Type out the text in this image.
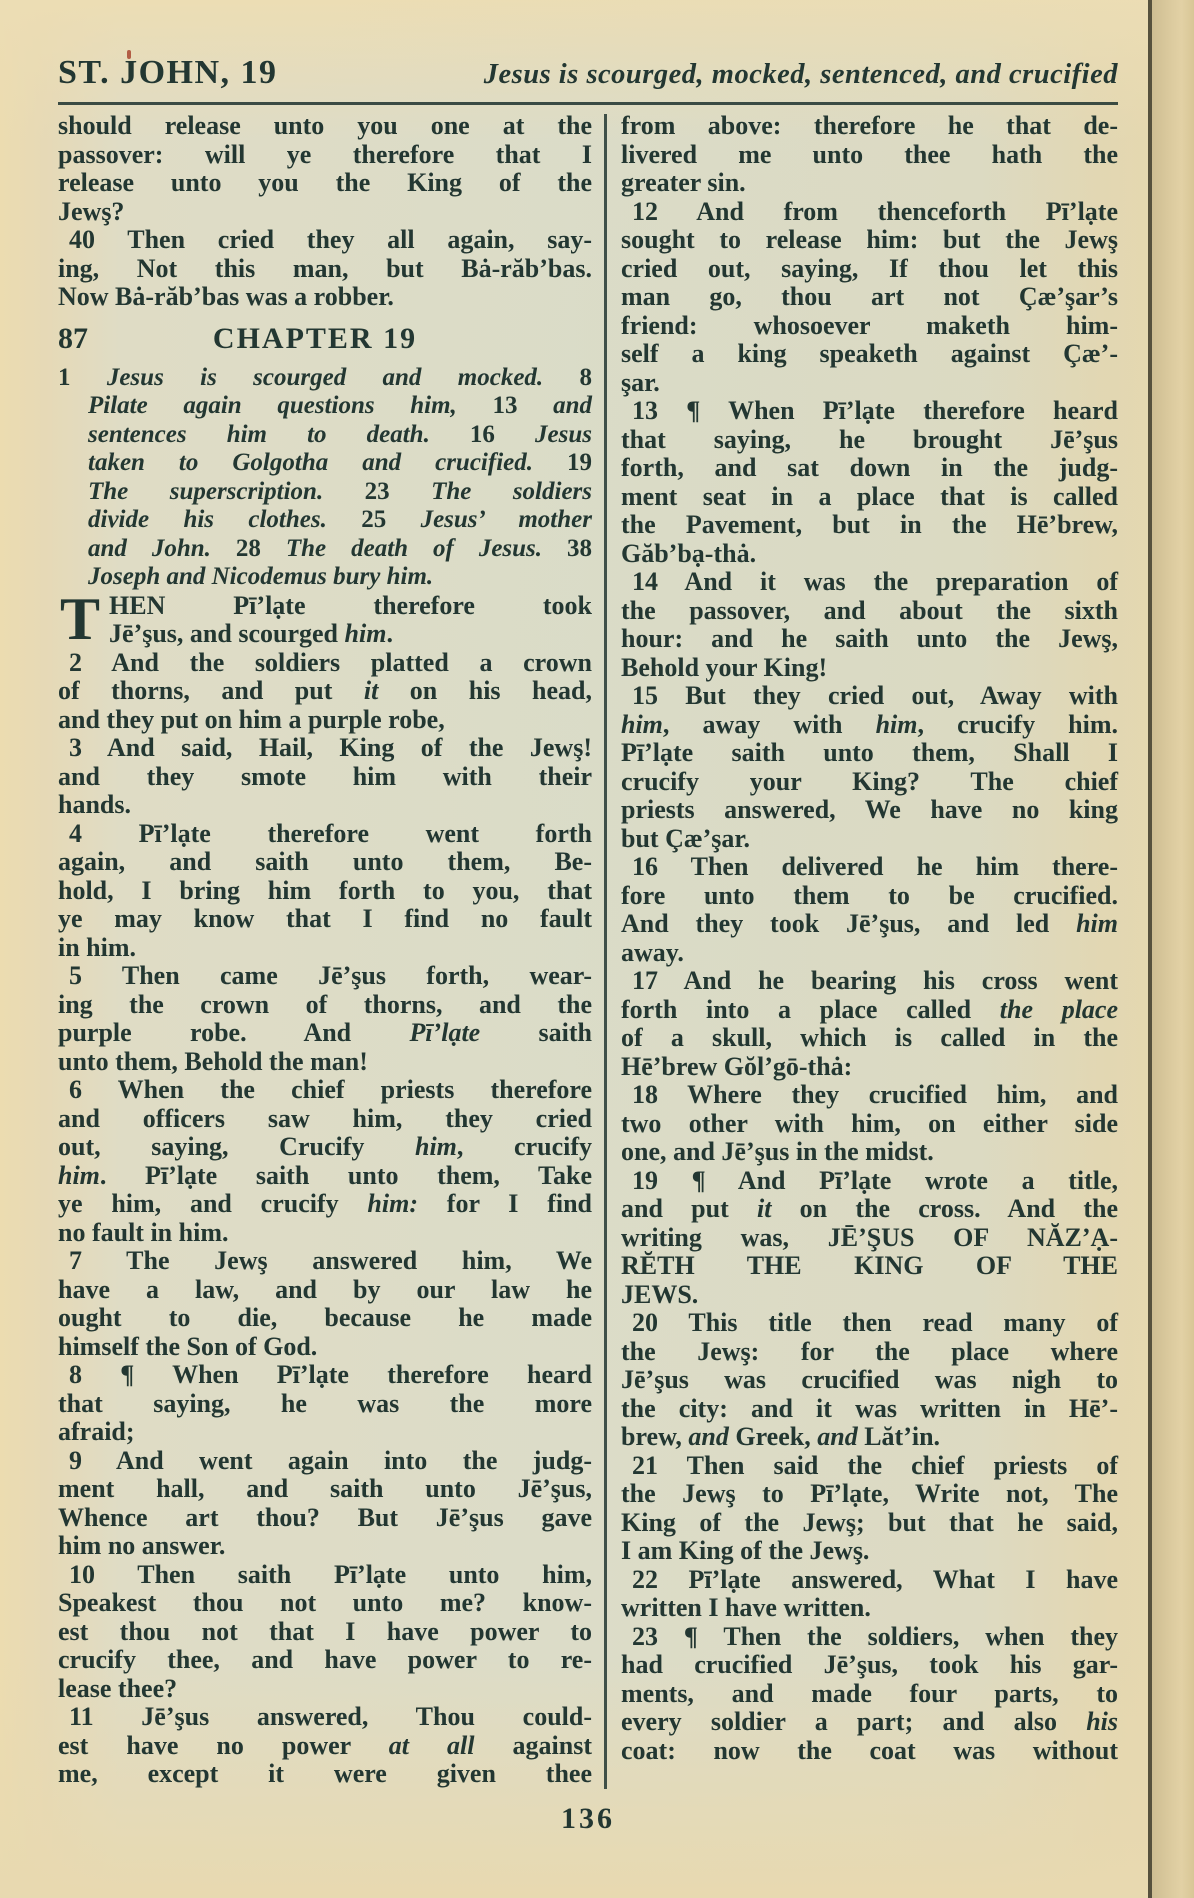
ST. JOHN, 19	Jesus is scourged, mocked, sentenced, and crucified
should release unto you one at the
passover: will ye therefore that I
release unto you the King of the
Jewş?
40 Then cried they all again, say-
ing, Not this man, but Bȧ-răb’bas.
Now Bȧ-răb’bas was a robber.
87	CHAPTER 19
1 Jesus is scourged and mocked. 8
Pilate again questions him, 13 and
sentences him to death. 16 Jesus
taken to Golgotha and crucified. 19
The superscription. 23 The soldiers
divide his clothes. 25 Jesus’ mother
and John. 28 The death of Jesus. 38
Joseph and Nicodemus bury him.
T HEN Pī’lạte therefore took
Jē’şus, and scourged him.
2 And the soldiers platted a crown
of thorns, and put it on his head,
and they put on him a purple robe,
3 And said, Hail, King of the Jewş!
and they smote him with their
hands.
4 Pī’lạte therefore went forth
again, and saith unto them, Be-
hold, I bring him forth to you, that
ye may know that I find no fault
in him.
5 Then came Jē’şus forth, wear-
ing the crown of thorns, and the
purple robe. And Pī’lạte saith
unto them, Behold the man!
6 When the chief priests therefore
and officers saw him, they cried
out, saying, Crucify him, crucify
him. Pī’lạte saith unto them, Take
ye him, and crucify him: for I find
no fault in him.
7 The Jewş answered him, We
have a law, and by our law he
ought to die, because he made
himself the Son of God.
8 ¶ When Pī’lạte therefore heard
that saying, he was the more
afraid;
9 And went again into the judg-
ment hall, and saith unto Jē’şus,
Whence art thou? But Jē’şus gave
him no answer.
10 Then saith Pī’lạte unto him,
Speakest thou not unto me? know-
est thou not that I have power to
crucify thee, and have power to re-
lease thee?
11 Jē’şus answered, Thou could-
est have no power at all against
me, except it were given thee
from above: therefore he that de-
livered me unto thee hath the
greater sin.
12 And from thenceforth Pī’lạte
sought to release him: but the Jewş
cried out, saying, If thou let this
man go, thou art not Çæ’şar’s
friend: whosoever maketh him-
self a king speaketh against Çæ’-
şar.
13 ¶ When Pī’lạte therefore heard
that saying, he brought Jē’şus
forth, and sat down in the judg-
ment seat in a place that is called
the Pavement, but in the Hē’brew,
Găb’bạ-thȧ.
14 And it was the preparation of
the passover, and about the sixth
hour: and he saith unto the Jewş,
Behold your King!
15 But they cried out, Away with
him, away with him, crucify him.
Pī’lạte saith unto them, Shall I
crucify your King? The chief
priests answered, We have no king
but Çæ’şar.
16 Then delivered he him there-
fore unto them to be crucified.
And they took Jē’şus, and led him
away.
17 And he bearing his cross went
forth into a place called the place
of a skull, which is called in the
Hē’brew Gŏl’gō-thȧ:
18 Where they crucified him, and
two other with him, on either side
one, and Jē’şus in the midst.
19 ¶ And Pī’lạte wrote a title,
and put it on the cross. And the
writing was, JĒ’ŞUS OF NĂZ’Ạ-
RĔTH THE KING OF THE
JEWS.
20 This title then read many of
the Jewş: for the place where
Jē’şus was crucified was nigh to
the city: and it was written in Hē’-
brew, and Greek, and Lăt’in.
21 Then said the chief priests of
the Jewş to Pī’lạte, Write not, The
King of the Jewş; but that he said,
I am King of the Jewş.
22 Pī’lạte answered, What I have
written I have written.
23 ¶ Then the soldiers, when they
had crucified Jē’şus, took his gar-
ments, and made four parts, to
every soldier a part; and also his
coat: now the coat was without
136
